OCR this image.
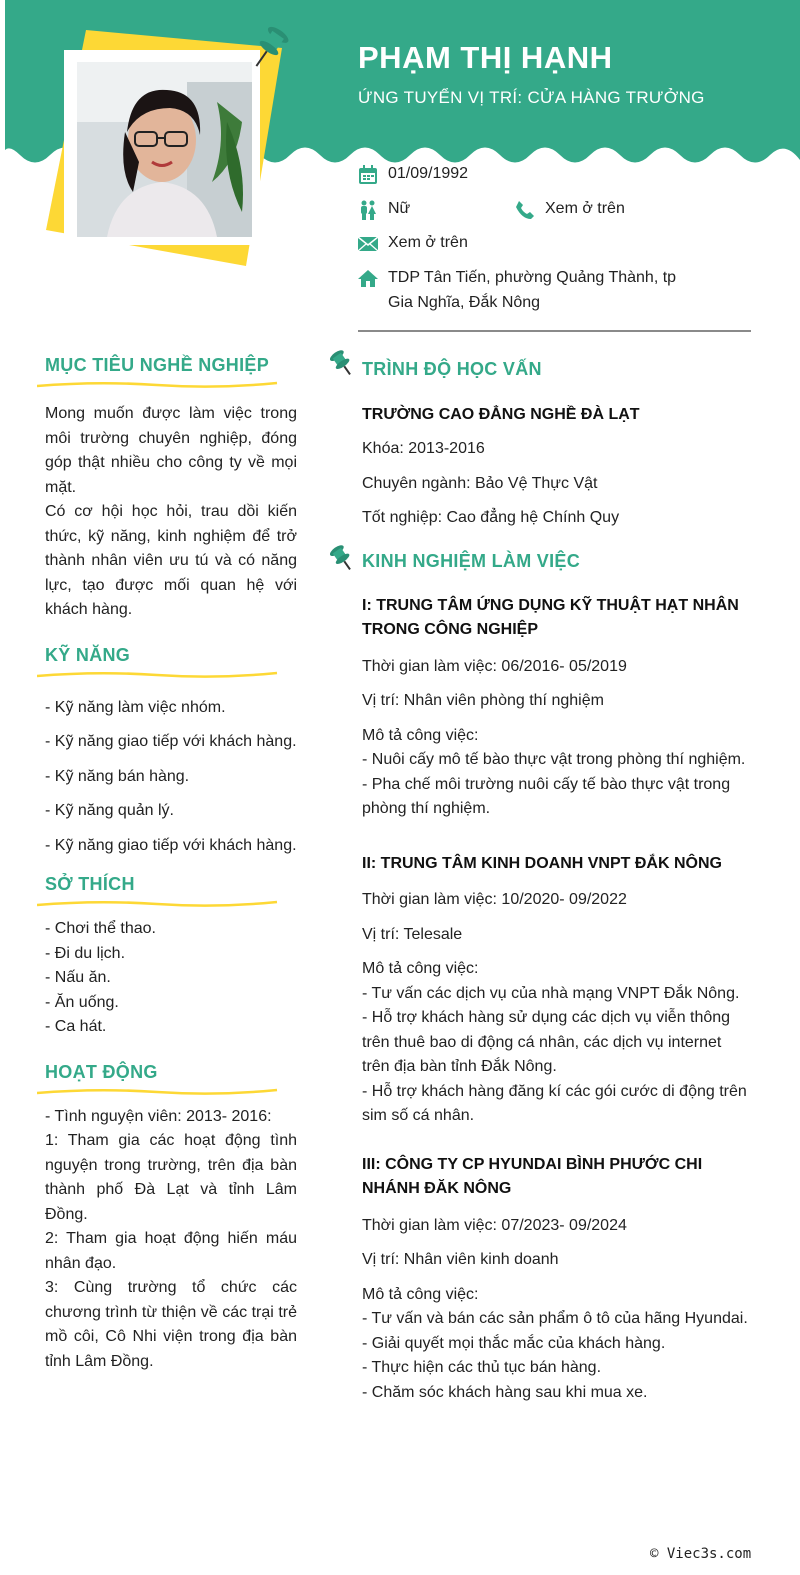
PHẠM THỊ HẠNH
ỨNG TUYỂN VỊ TRÍ: CỬA HÀNG TRƯỞNG
01/09/1992
Nữ	Xem ở trên
Xem ở trên
TDP Tân Tiến, phường Quảng Thành, tp
Gia Nghĩa, Đắk Nông
MỤC TIÊU NGHỀ NGHIỆP
Mong muốn được làm việc trong môi trường chuyên nghiệp, đóng góp thật nhiều cho công ty về mọi mặt.
Có cơ hội học hỏi, trau dồi kiến thức, kỹ năng, kinh nghiệm để trở thành nhân viên ưu tú và có năng lực, tạo được mối quan hệ với khách hàng.
KỸ NĂNG
- Kỹ năng làm việc nhóm.
- Kỹ năng giao tiếp với khách hàng.
- Kỹ năng bán hàng.
- Kỹ năng quản lý.
- Kỹ năng giao tiếp với khách hàng.
SỞ THÍCH
- Chơi thể thao.
- Đi du lịch.
- Nấu ăn.
- Ăn uống.
- Ca hát.
HOẠT ĐỘNG
- Tình nguyện viên: 2013- 2016:
1: Tham gia các hoạt động tình nguyện trong trường, trên địa bàn thành phố Đà Lạt và tỉnh Lâm Đồng.
2: Tham gia hoạt động hiến máu nhân đạo.
3: Cùng trường tổ chức các chương trình từ thiện về các trại trẻ mồ côi, Cô Nhi viện trong địa bàn tỉnh Lâm Đồng.
TRÌNH ĐỘ HỌC VẤN
TRƯỜNG CAO ĐẲNG NGHỀ ĐÀ LẠT
Khóa: 2013-2016
Chuyên ngành: Bảo Vệ Thực Vật
Tốt nghiệp: Cao đẳng hệ Chính Quy
KINH NGHIỆM LÀM VIỆC
I: TRUNG TÂM ỨNG DỤNG KỸ THUẬT HẠT NHÂN TRONG CÔNG NGHIỆP
Thời gian làm việc: 06/2016- 05/2019
Vị trí: Nhân viên phòng thí nghiệm
Mô tả công việc:
- Nuôi cấy mô tế bào thực vật trong phòng thí nghiệm.
- Pha chế môi trường nuôi cấy tế bào thực vật trong phòng thí nghiệm.
II: TRUNG TÂM KINH DOANH VNPT ĐẮK NÔNG
Thời gian làm việc: 10/2020- 09/2022
Vị trí: Telesale
Mô tả công việc:
- Tư vấn các dịch vụ của nhà mạng VNPT Đắk Nông.
- Hỗ trợ khách hàng sử dụng các dịch vụ viễn thông trên thuê bao di động cá nhân, các dịch vụ internet trên địa bàn tỉnh Đắk Nông.
- Hỗ trợ khách hàng đăng kí các gói cước di động trên sim số cá nhân.
III: CÔNG TY CP HYUNDAI BÌNH PHƯỚC CHI NHÁNH ĐĂK NÔNG
Thời gian làm việc: 07/2023- 09/2024
Vị trí: Nhân viên kinh doanh
Mô tả công việc:
- Tư vấn và bán các sản phẩm ô tô của hãng Hyundai.
- Giải quyết mọi thắc mắc của khách hàng.
- Thực hiện các thủ tục bán hàng.
- Chăm sóc khách hàng sau khi mua xe.
© Viec3s.com
